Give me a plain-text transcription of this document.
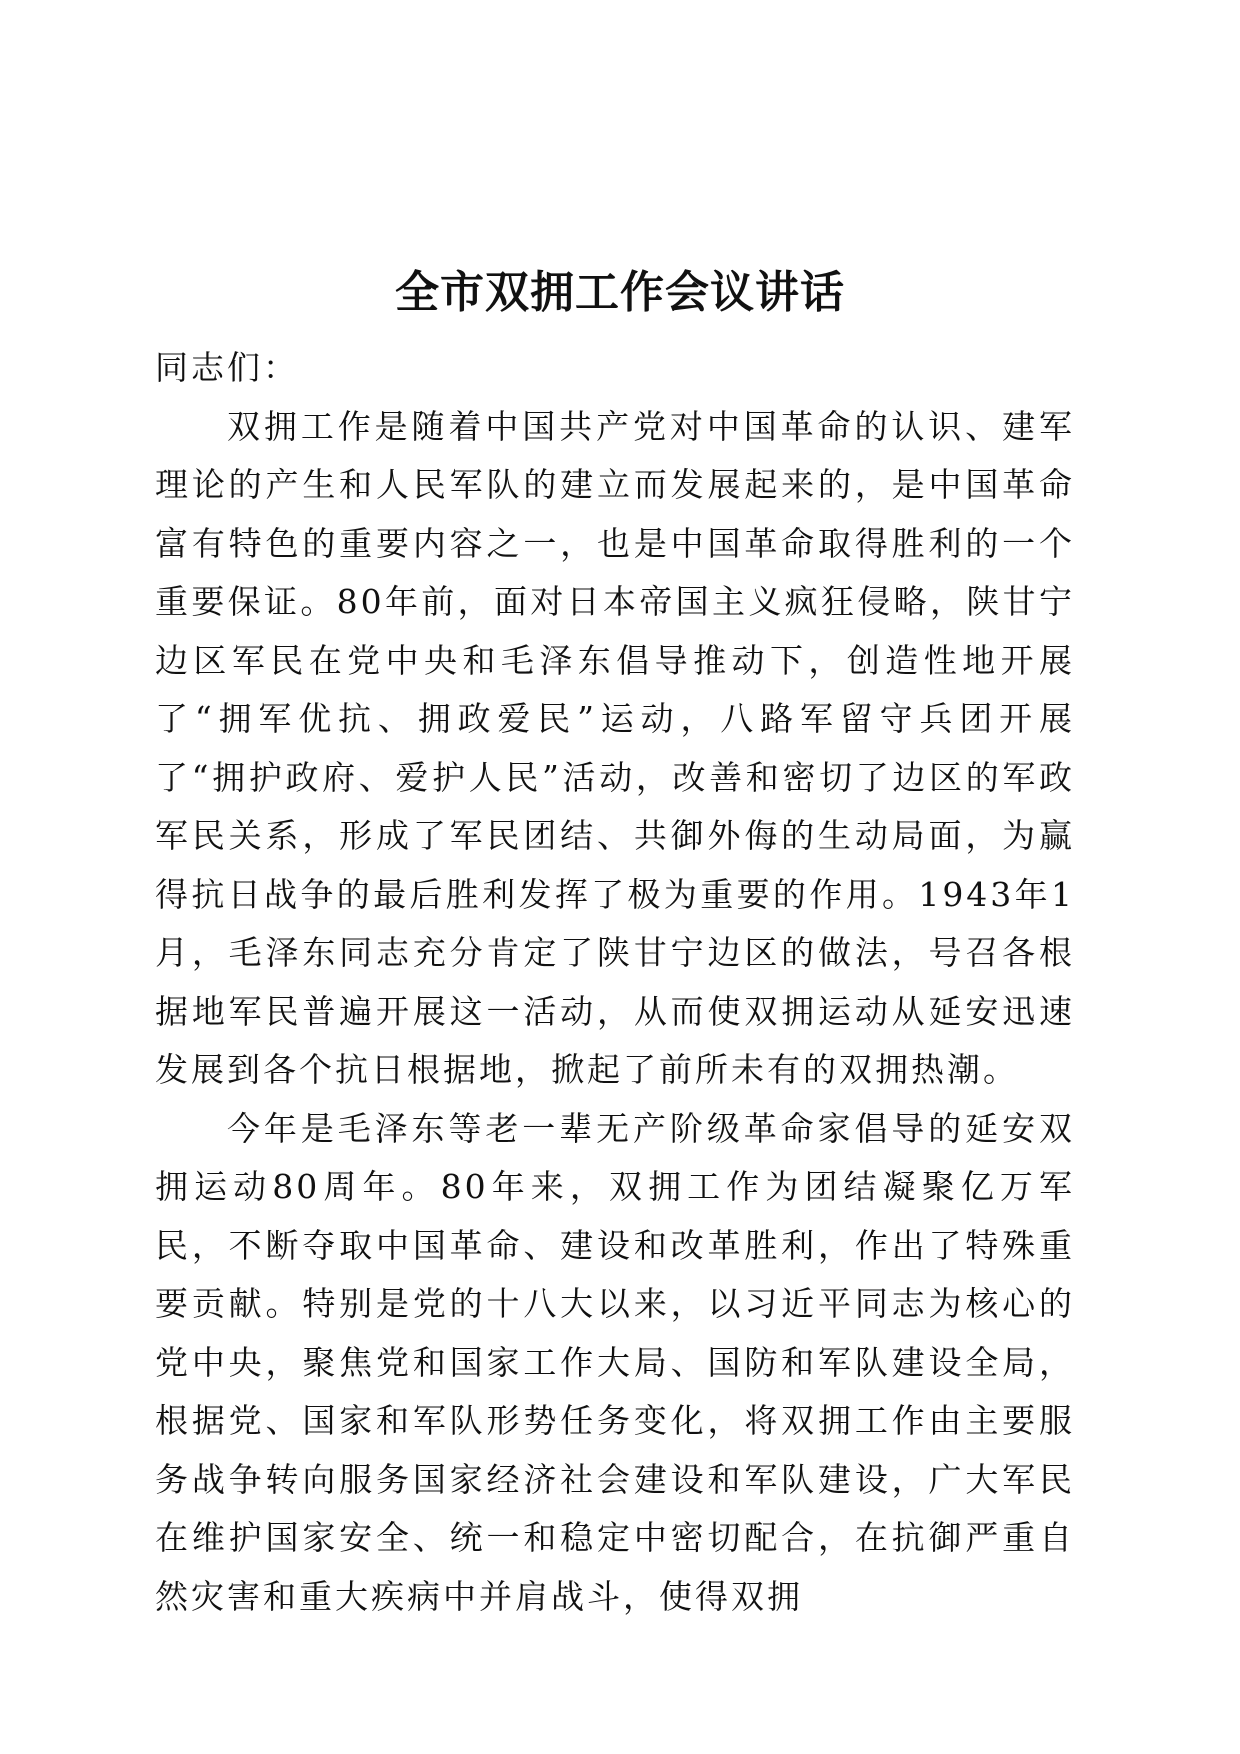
全市双拥工作会议讲话

同志们：

双拥工作是随着中国共产党对中国革命的认识、建军理论的产生和人民军队的建立而发展起来的，是中国革命富有特色的重要内容之一，也是中国革命取得胜利的一个重要保证。80年前，面对日本帝国主义疯狂侵略，陕甘宁边区军民在党中央和毛泽东倡导推动下，创造性地开展了“拥军优抗、拥政爱民”运动，八路军留守兵团开展了“拥护政府、爱护人民”活动，改善和密切了边区的军政军民关系，形成了军民团结、共御外侮的生动局面，为赢得抗日战争的最后胜利发挥了极为重要的作用。1943年1月，毛泽东同志充分肯定了陕甘宁边区的做法，号召各根据地军民普遍开展这一活动，从而使双拥运动从延安迅速发展到各个抗日根据地，掀起了前所未有的双拥热潮。

今年是毛泽东等老一辈无产阶级革命家倡导的延安双拥运动80周年。80年来，双拥工作为团结凝聚亿万军民，不断夺取中国革命、建设和改革胜利，作出了特殊重要贡献。特别是党的十八大以来，以习近平同志为核心的党中央，聚焦党和国家工作大局、国防和军队建设全局，根据党、国家和军队形势任务变化，将双拥工作由主要服务战争转向服务国家经济社会建设和军队建设，广大军民在维护国家安全、统一和稳定中密切配合，在抗御严重自然灾害和重大疾病中并肩战斗，使得双拥
